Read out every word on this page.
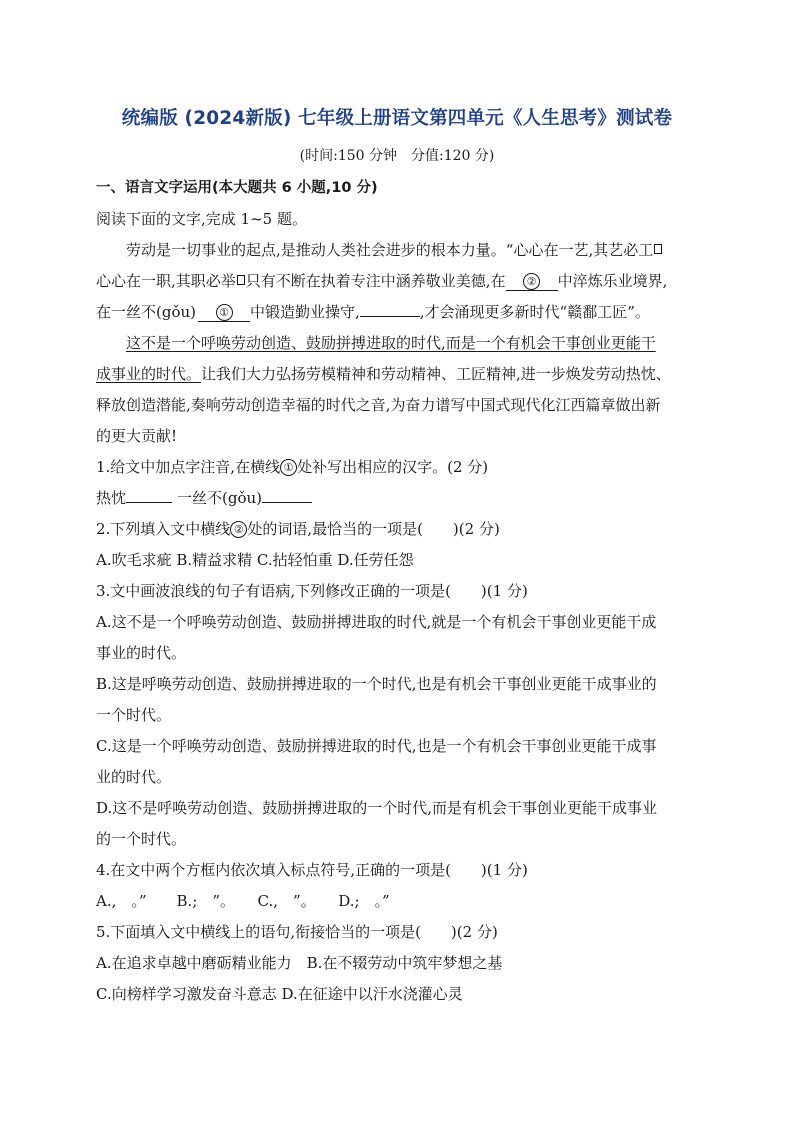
统编版 (2024新版) 七年级上册语文第四单元《人生思考》测试卷
(时间:150 分钟　分值:120 分)
一、语言文字运用(本大题共 6 小题,10 分)
阅读下面的文字,完成 1~5 题。
劳动是一切事业的起点,是推动人类社会进步的根本力量。“心心在一艺,其艺必工
心心在一职,其职必举 只有不断在执着专注中涵养敬业美德,在 ② 中淬炼乐业境界,
在一丝不(gǒu) ① 中锻造勤业操守,	,才会涌现更多新时代“赣鄱工匠”。
这不是一个呼唤劳动创造、鼓励拼搏进取的时代,而是一个有机会干事创业更能干
成事业的时代。让我们大力弘扬劳模精神和劳动精神、工匠精神,进一步焕发劳动热忱、
释放创造潜能,奏响劳动创造幸福的时代之音,为奋力谱写中国式现代化江西篇章做出新
的更大贡献!
1.给文中加点字注音,在横线 ① 处补写出相应的汉字。(2 分)
热忱	一丝不(gǒu)
2.下列填入文中横线 ② 处的词语,最恰当的一项是(　　)(2 分)
A.吹毛求疵 B.精益求精 C.拈轻怕重 D.任劳任怨
3.文中画波浪线的句子有语病,下列修改正确的一项是(　　)(1 分)
A.这不是一个呼唤劳动创造、鼓励拼搏进取的时代,就是一个有机会干事创业更能干成
事业的时代。
B.这是呼唤劳动创造、鼓励拼搏进取的一个时代,也是有机会干事创业更能干成事业的
一个时代。
C.这是一个呼唤劳动创造、鼓励拼搏进取的时代,也是一个有机会干事创业更能干成事
业的时代。
D.这不是呼唤劳动创造、鼓励拼搏进取的一个时代,而是有机会干事创业更能干成事业
的一个时代。
4.在文中两个方框内依次填入标点符号,正确的一项是(　　)(1 分)
A.,　。”　　B.;　”。　　C.,　”。　　D.;　。”
5.下面填入文中横线上的语句,衔接恰当的一项是(　　)(2 分)
A.在追求卓越中磨砺精业能力　B.在不辍劳动中筑牢梦想之基
C.向榜样学习激发奋斗意志 D.在征途中以汗水浇灌心灵
